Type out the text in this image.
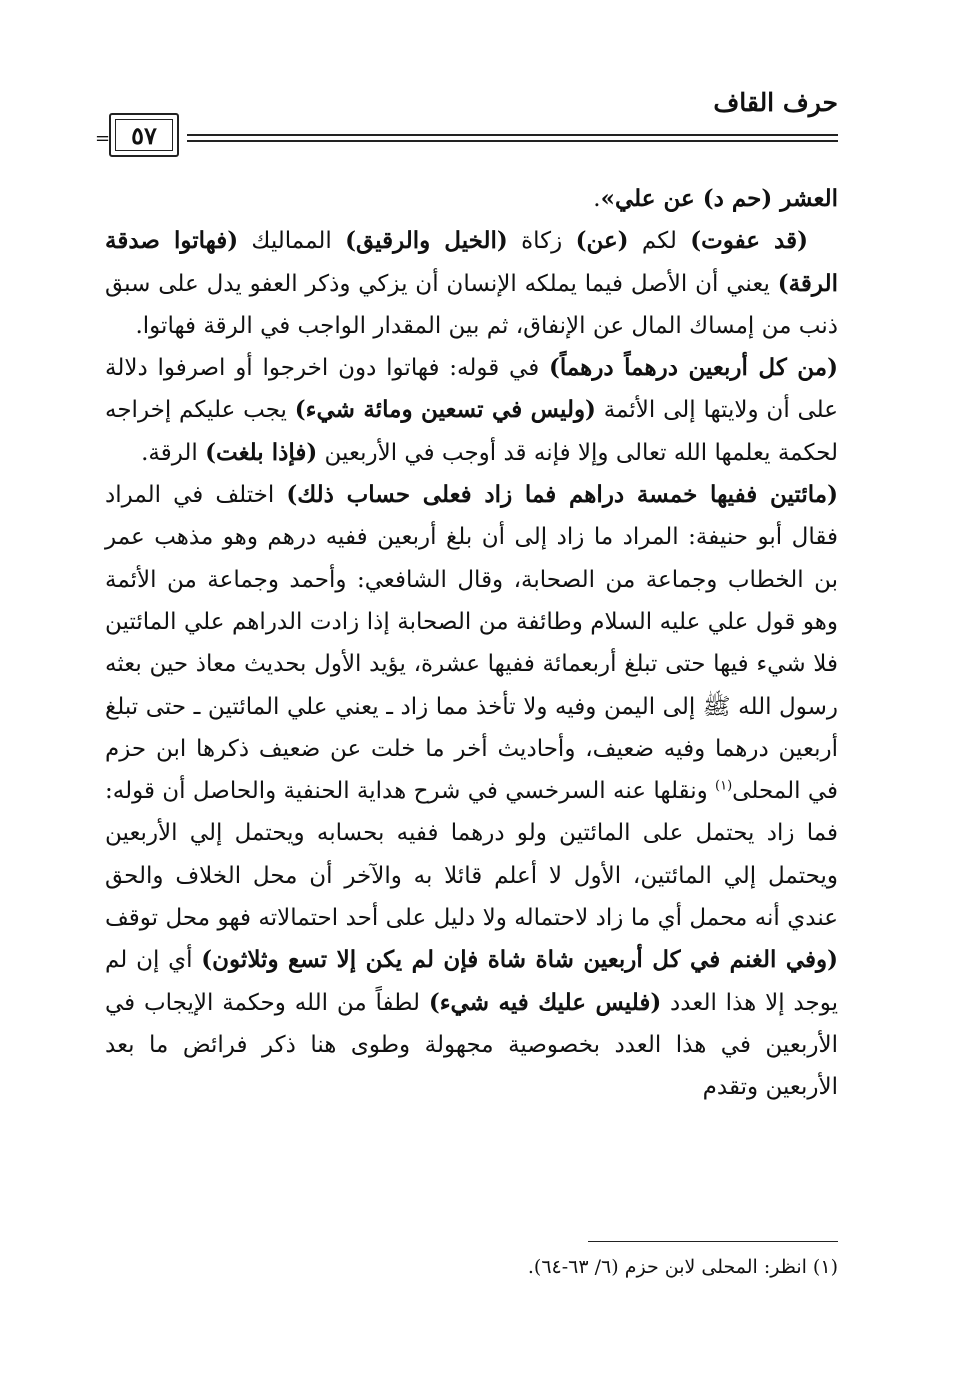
حرف القاف
= ٥٧

العشر (حم د) عن علي».

(قد عفوت) لكم (عن) زكاة (الخيل والرقيق) المماليك (فهاتوا صدقة الرقة) يعني أن الأصل فيما يملكه الإنسان أن يزكي وذكر العفو يدل على سبق ذنب من إمساك المال عن الإنفاق، ثم بين المقدار الواجب في الرقة فهاتوا.

(من كل أربعين درهماً درهماً) في قوله: فهاتوا دون اخرجوا أو اصرفوا دلالة على أن ولايتها إلى الأئمة (وليس في تسعين ومائة شيء) يجب عليكم إخراجه لحكمة يعلمها الله تعالى وإلا فإنه قد أوجب في الأربعين (فإذا بلغت) الرقة.

(مائتين ففيها خمسة دراهم فما زاد فعلى حساب ذلك) اختلف في المراد فقال أبو حنيفة: المراد ما زاد إلى أن بلغ أربعين ففيه درهم وهو مذهب عمر بن الخطاب وجماعة من الصحابة، وقال الشافعي: وأحمد وجماعة من الأئمة وهو قول علي عليه السلام وطائفة من الصحابة إذا زادت الدراهم علي المائتين فلا شيء فيها حتى تبلغ أربعمائة ففيها عشرة، يؤيد الأول بحديث معاذ حين بعثه رسول الله ﷺ إلى اليمن وفيه ولا تأخذ مما زاد ـ يعني علي المائتين ـ حتى تبلغ أربعين درهما وفيه ضعيف، وأحاديث أخر ما خلت عن ضعيف ذكرها ابن حزم في المحلى$^{(١)}$ ونقلها عنه السرخسي في شرح هداية الحنفية والحاصل أن قوله: فما زاد يحتمل على المائتين ولو درهما ففيه بحسابه ويحتمل إلي الأربعين ويحتمل إلي المائتين، الأول لا أعلم قائلا به والآخر أن محل الخلاف والحق عندي أنه محمل أي ما زاد لاحتماله ولا دليل على أحد احتمالاته فهو محل توقف (وفي الغنم في كل أربعين شاة شاة فإن لم يكن إلا تسع وثلاثون) أي إن لم يوجد إلا هذا العدد (فليس عليك فيه شيء) لطفاً من الله وحكمة الإيجاب في الأربعين في هذا العدد بخصوصية مجهولة وطوى هنا ذكر فرائض ما بعد الأربعين وتقدم

(١) انظر: المحلى لابن حزم (٦/ ٦٣-٦٤).
